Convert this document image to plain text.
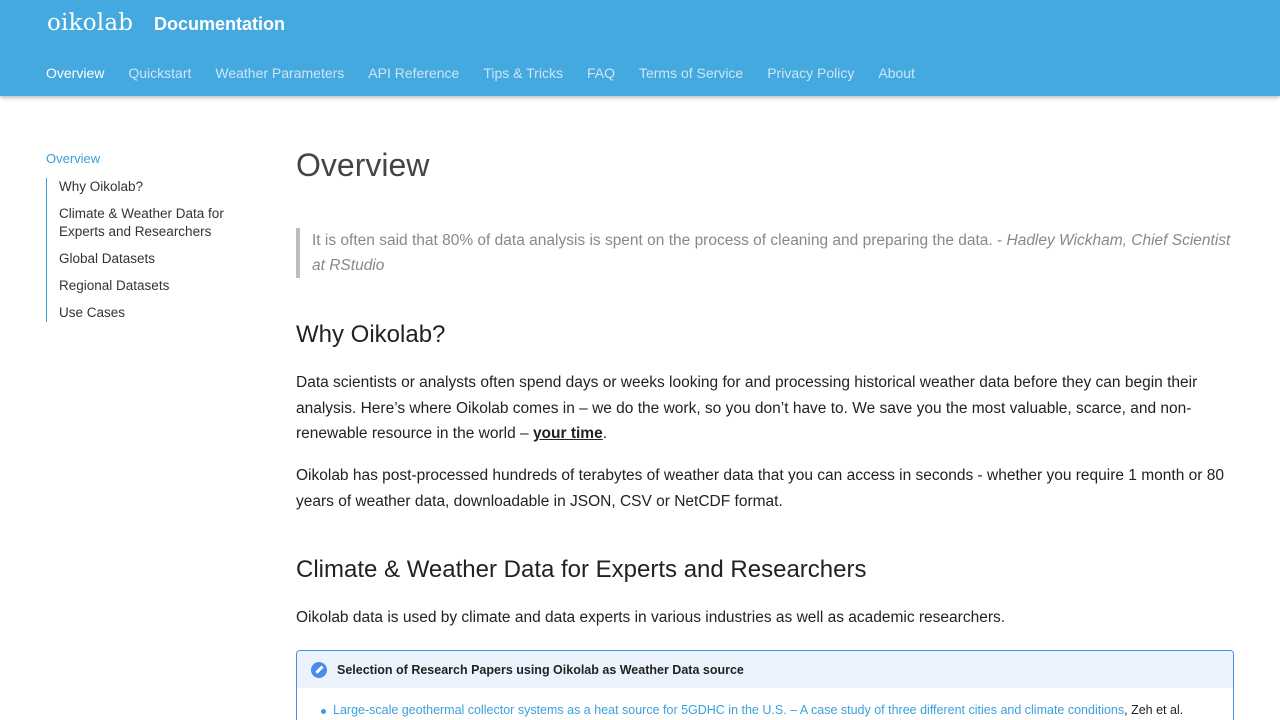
oikolab Documentation
Overview Quickstart Weather Parameters API Reference Tips & Tricks FAQ Terms of Service Privacy Policy About
Overview
Why Oikolab?
Climate & Weather Data for Experts and Researchers
Global Datasets
Regional Datasets
Use Cases
Overview
It is often said that 80% of data analysis is spent on the process of cleaning and preparing the data. - Hadley Wickham, Chief Scientist at RStudio
Why Oikolab?

Data scientists or analysts often spend days or weeks looking for and processing historical weather data before they can begin their analysis. Here’s where Oikolab comes in – we do the work, so you don’t have to. We save you the most valuable, scarce, and non-renewable resource in the world – your time.

Oikolab has post-processed hundreds of terabytes of weather data that you can access in seconds - whether you require 1 month or 80 years of weather data, downloadable in JSON, CSV or NetCDF format.

Climate & Weather Data for Experts and Researchers

Oikolab data is used by climate and data experts in various industries as well as academic researchers.

Selection of Research Papers using Oikolab as Weather Data source
Large-scale geothermal collector systems as a heat source for 5GDHC in the U.S. – A case study of three different cities and climate conditions, Zeh et al.
